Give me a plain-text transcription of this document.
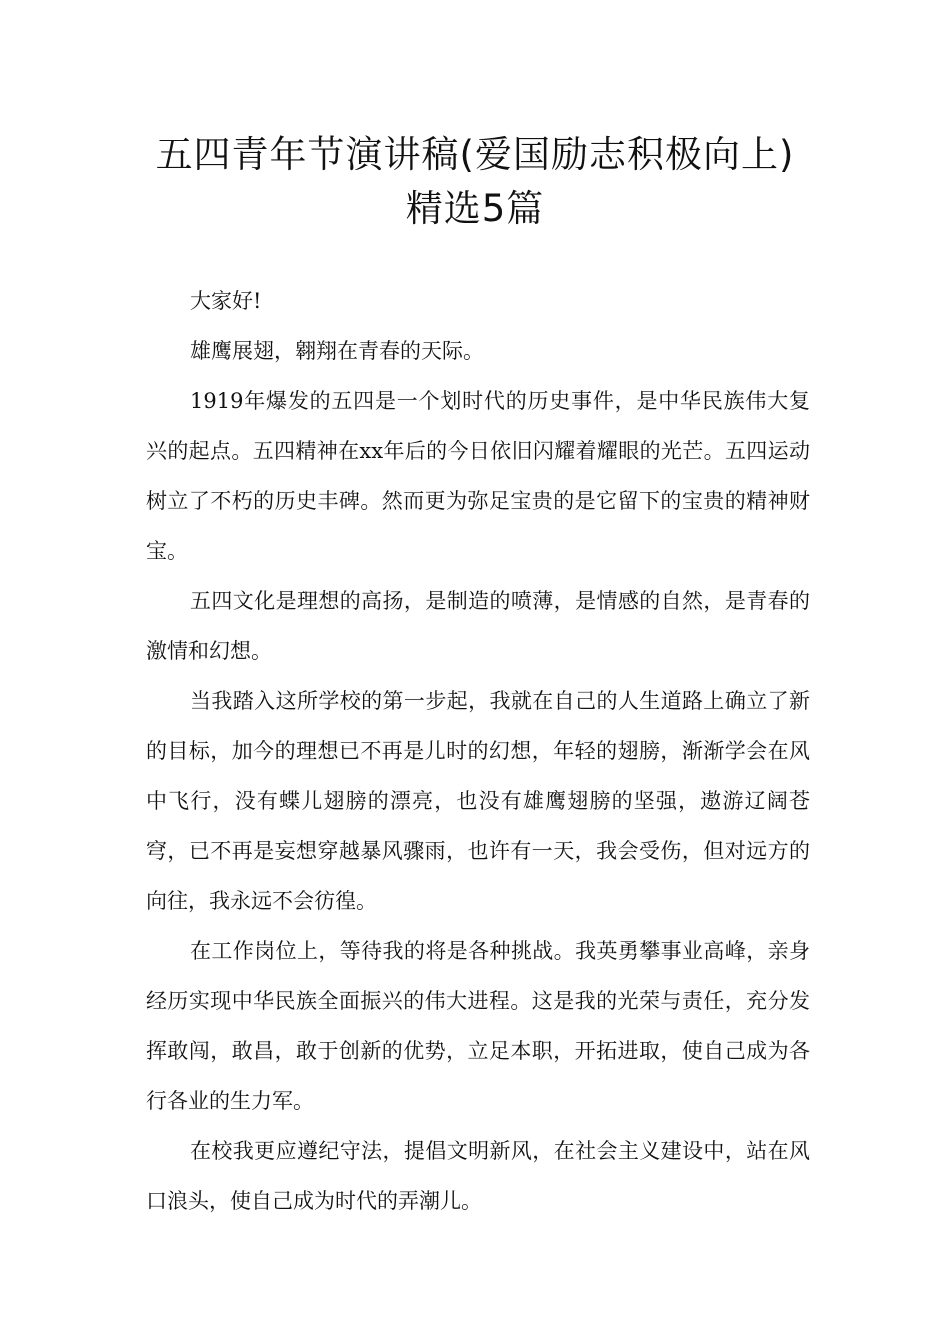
五四青年节演讲稿(爱国励志积极向上)
精选5篇

大家好!

雄鹰展翅，翱翔在青春的天际。

1919年爆发的五四是一个划时代的历史事件，是中华民族伟大复兴的起点。五四精神在xx年后的今日依旧闪耀着耀眼的光芒。五四运动树立了不朽的历史丰碑。然而更为弥足宝贵的是它留下的宝贵的精神财宝。

五四文化是理想的高扬，是制造的喷薄，是情感的自然，是青春的激情和幻想。

当我踏入这所学校的第一步起，我就在自己的人生道路上确立了新的目标，加今的理想已不再是儿时的幻想，年轻的翅膀，渐渐学会在风中飞行，没有蝶儿翅膀的漂亮，也没有雄鹰翅膀的坚强，遨游辽阔苍穹，已不再是妄想穿越暴风骤雨，也许有一天，我会受伤，但对远方的向往，我永远不会彷徨。

在工作岗位上，等待我的将是各种挑战。我英勇攀事业高峰，亲身经历实现中华民族全面振兴的伟大进程。这是我的光荣与责任，充分发挥敢闯，敢昌，敢于创新的优势，立足本职，开拓进取，使自己成为各行各业的生力军。

在校我更应遵纪守法，提倡文明新风，在社会主义建设中，站在风口浪头，使自己成为时代的弄潮儿。
